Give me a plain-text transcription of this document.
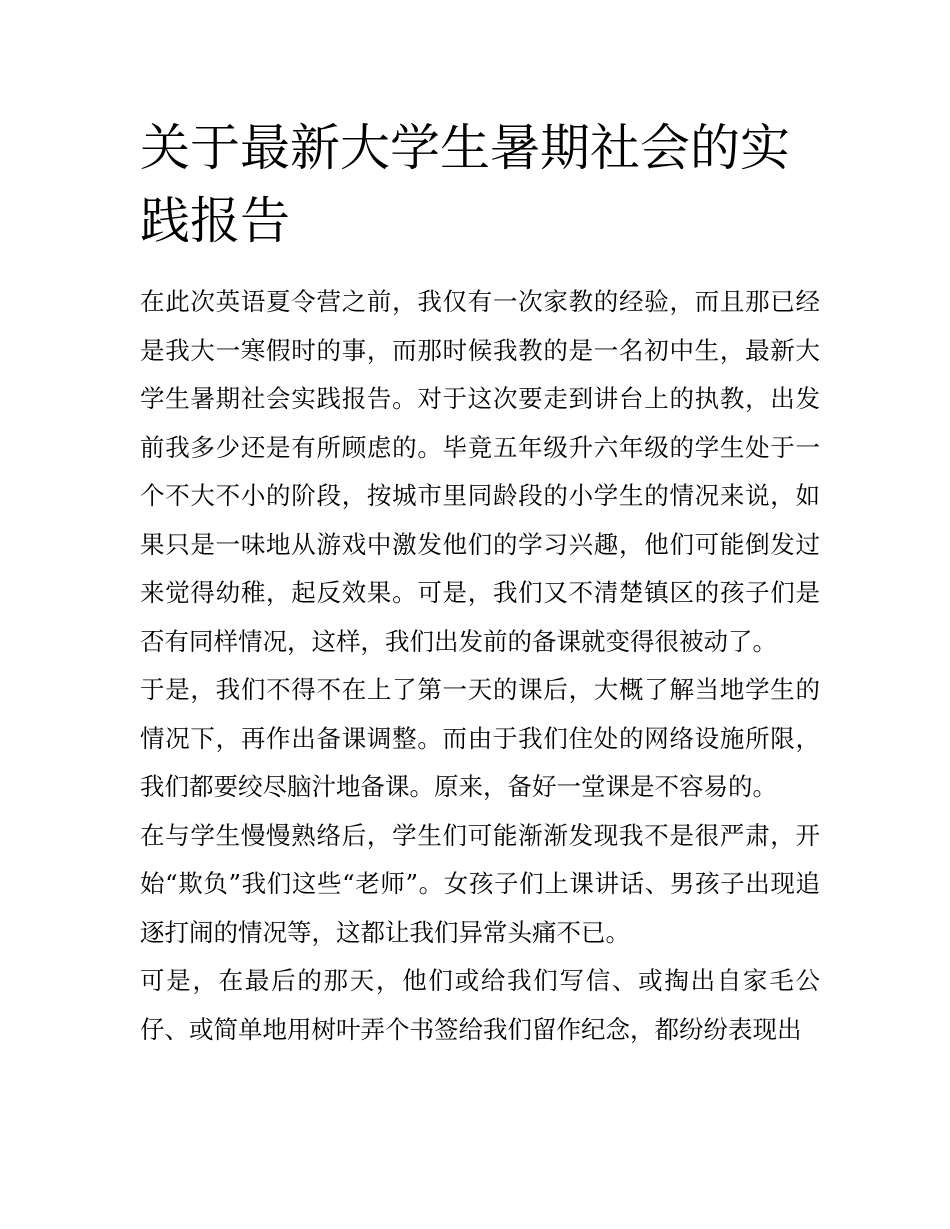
关于最新大学生暑期社会的实践报告

在此次英语夏令营之前，我仅有一次家教的经验，而且那已经是我大一寒假时的事，而那时候我教的是一名初中生，最新大学生暑期社会实践报告。对于这次要走到讲台上的执教，出发前我多少还是有所顾虑的。毕竟五年级升六年级的学生处于一个不大不小的阶段，按城市里同龄段的小学生的情况来说，如果只是一味地从游戏中激发他们的学习兴趣，他们可能倒发过来觉得幼稚，起反效果。可是，我们又不清楚镇区的孩子们是否有同样情况，这样，我们出发前的备课就变得很被动了。

于是，我们不得不在上了第一天的课后，大概了解当地学生的情况下，再作出备课调整。而由于我们住处的网络设施所限，我们都要绞尽脑汁地备课。原来，备好一堂课是不容易的。

在与学生慢慢熟络后，学生们可能渐渐发现我不是很严肃，开始“欺负”我们这些“老师”。女孩子们上课讲话、男孩子出现追逐打闹的情况等，这都让我们异常头痛不已。

可是，在最后的那天，他们或给我们写信、或掏出自家毛公仔、或简单地用树叶弄个书签给我们留作纪念，都纷纷表现出
